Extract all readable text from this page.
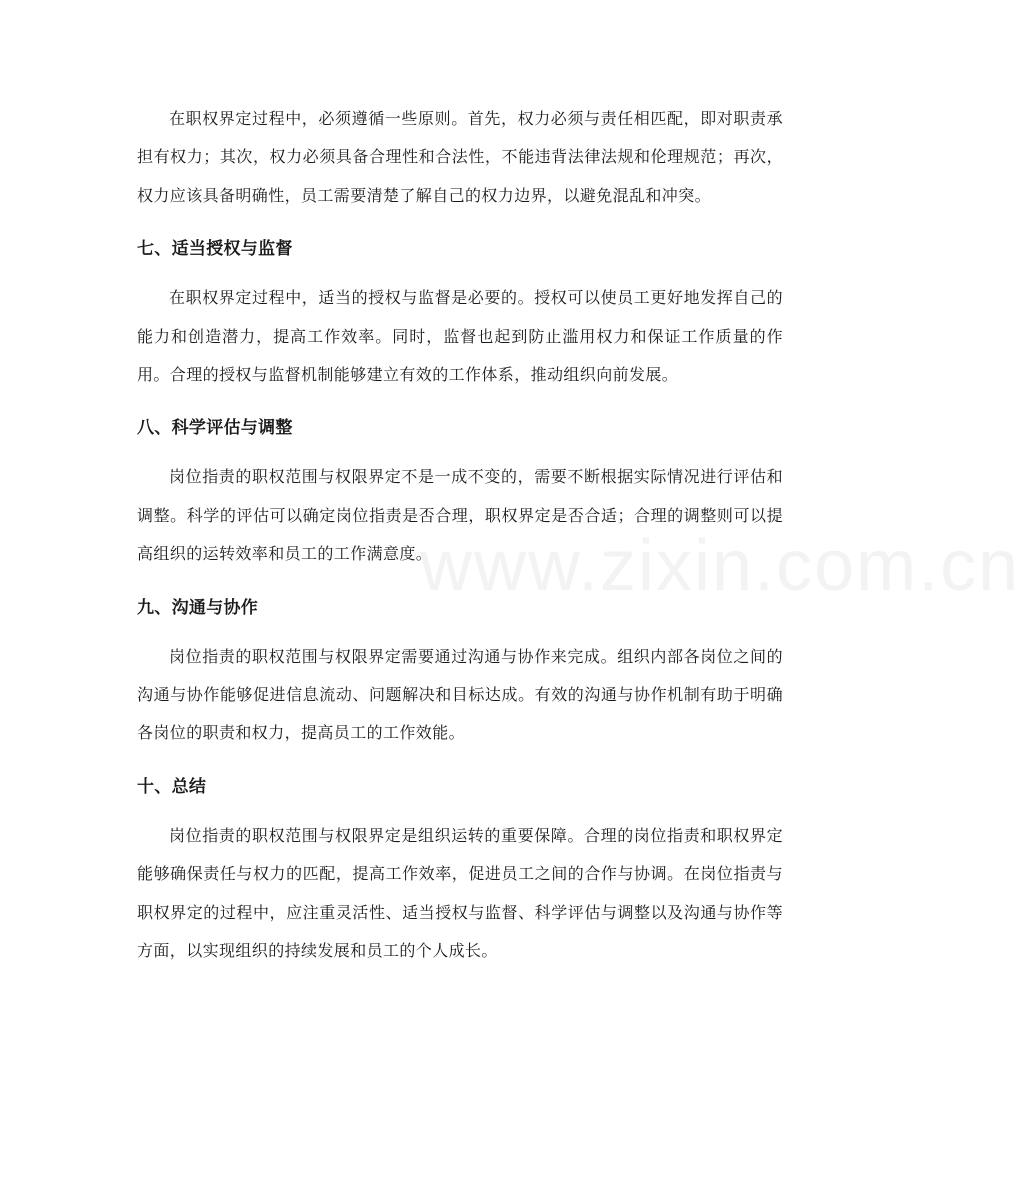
www.zixin.com.cn

在职权界定过程中，必须遵循一些原则。首先，权力必须与责任相匹配，即对职责承担有权力；其次，权力必须具备合理性和合法性，不能违背法律法规和伦理规范；再次，权力应该具备明确性，员工需要清楚了解自己的权力边界，以避免混乱和冲突。

七、适当授权与监督

在职权界定过程中，适当的授权与监督是必要的。授权可以使员工更好地发挥自己的能力和创造潜力，提高工作效率。同时，监督也起到防止滥用权力和保证工作质量的作用。合理的授权与监督机制能够建立有效的工作体系，推动组织向前发展。

八、科学评估与调整

岗位指责的职权范围与权限界定不是一成不变的，需要不断根据实际情况进行评估和调整。科学的评估可以确定岗位指责是否合理，职权界定是否合适；合理的调整则可以提高组织的运转效率和员工的工作满意度。

九、沟通与协作

岗位指责的职权范围与权限界定需要通过沟通与协作来完成。组织内部各岗位之间的沟通与协作能够促进信息流动、问题解决和目标达成。有效的沟通与协作机制有助于明确各岗位的职责和权力，提高员工的工作效能。

十、总结

岗位指责的职权范围与权限界定是组织运转的重要保障。合理的岗位指责和职权界定能够确保责任与权力的匹配，提高工作效率，促进员工之间的合作与协调。在岗位指责与职权界定的过程中，应注重灵活性、适当授权与监督、科学评估与调整以及沟通与协作等方面，以实现组织的持续发展和员工的个人成长。
